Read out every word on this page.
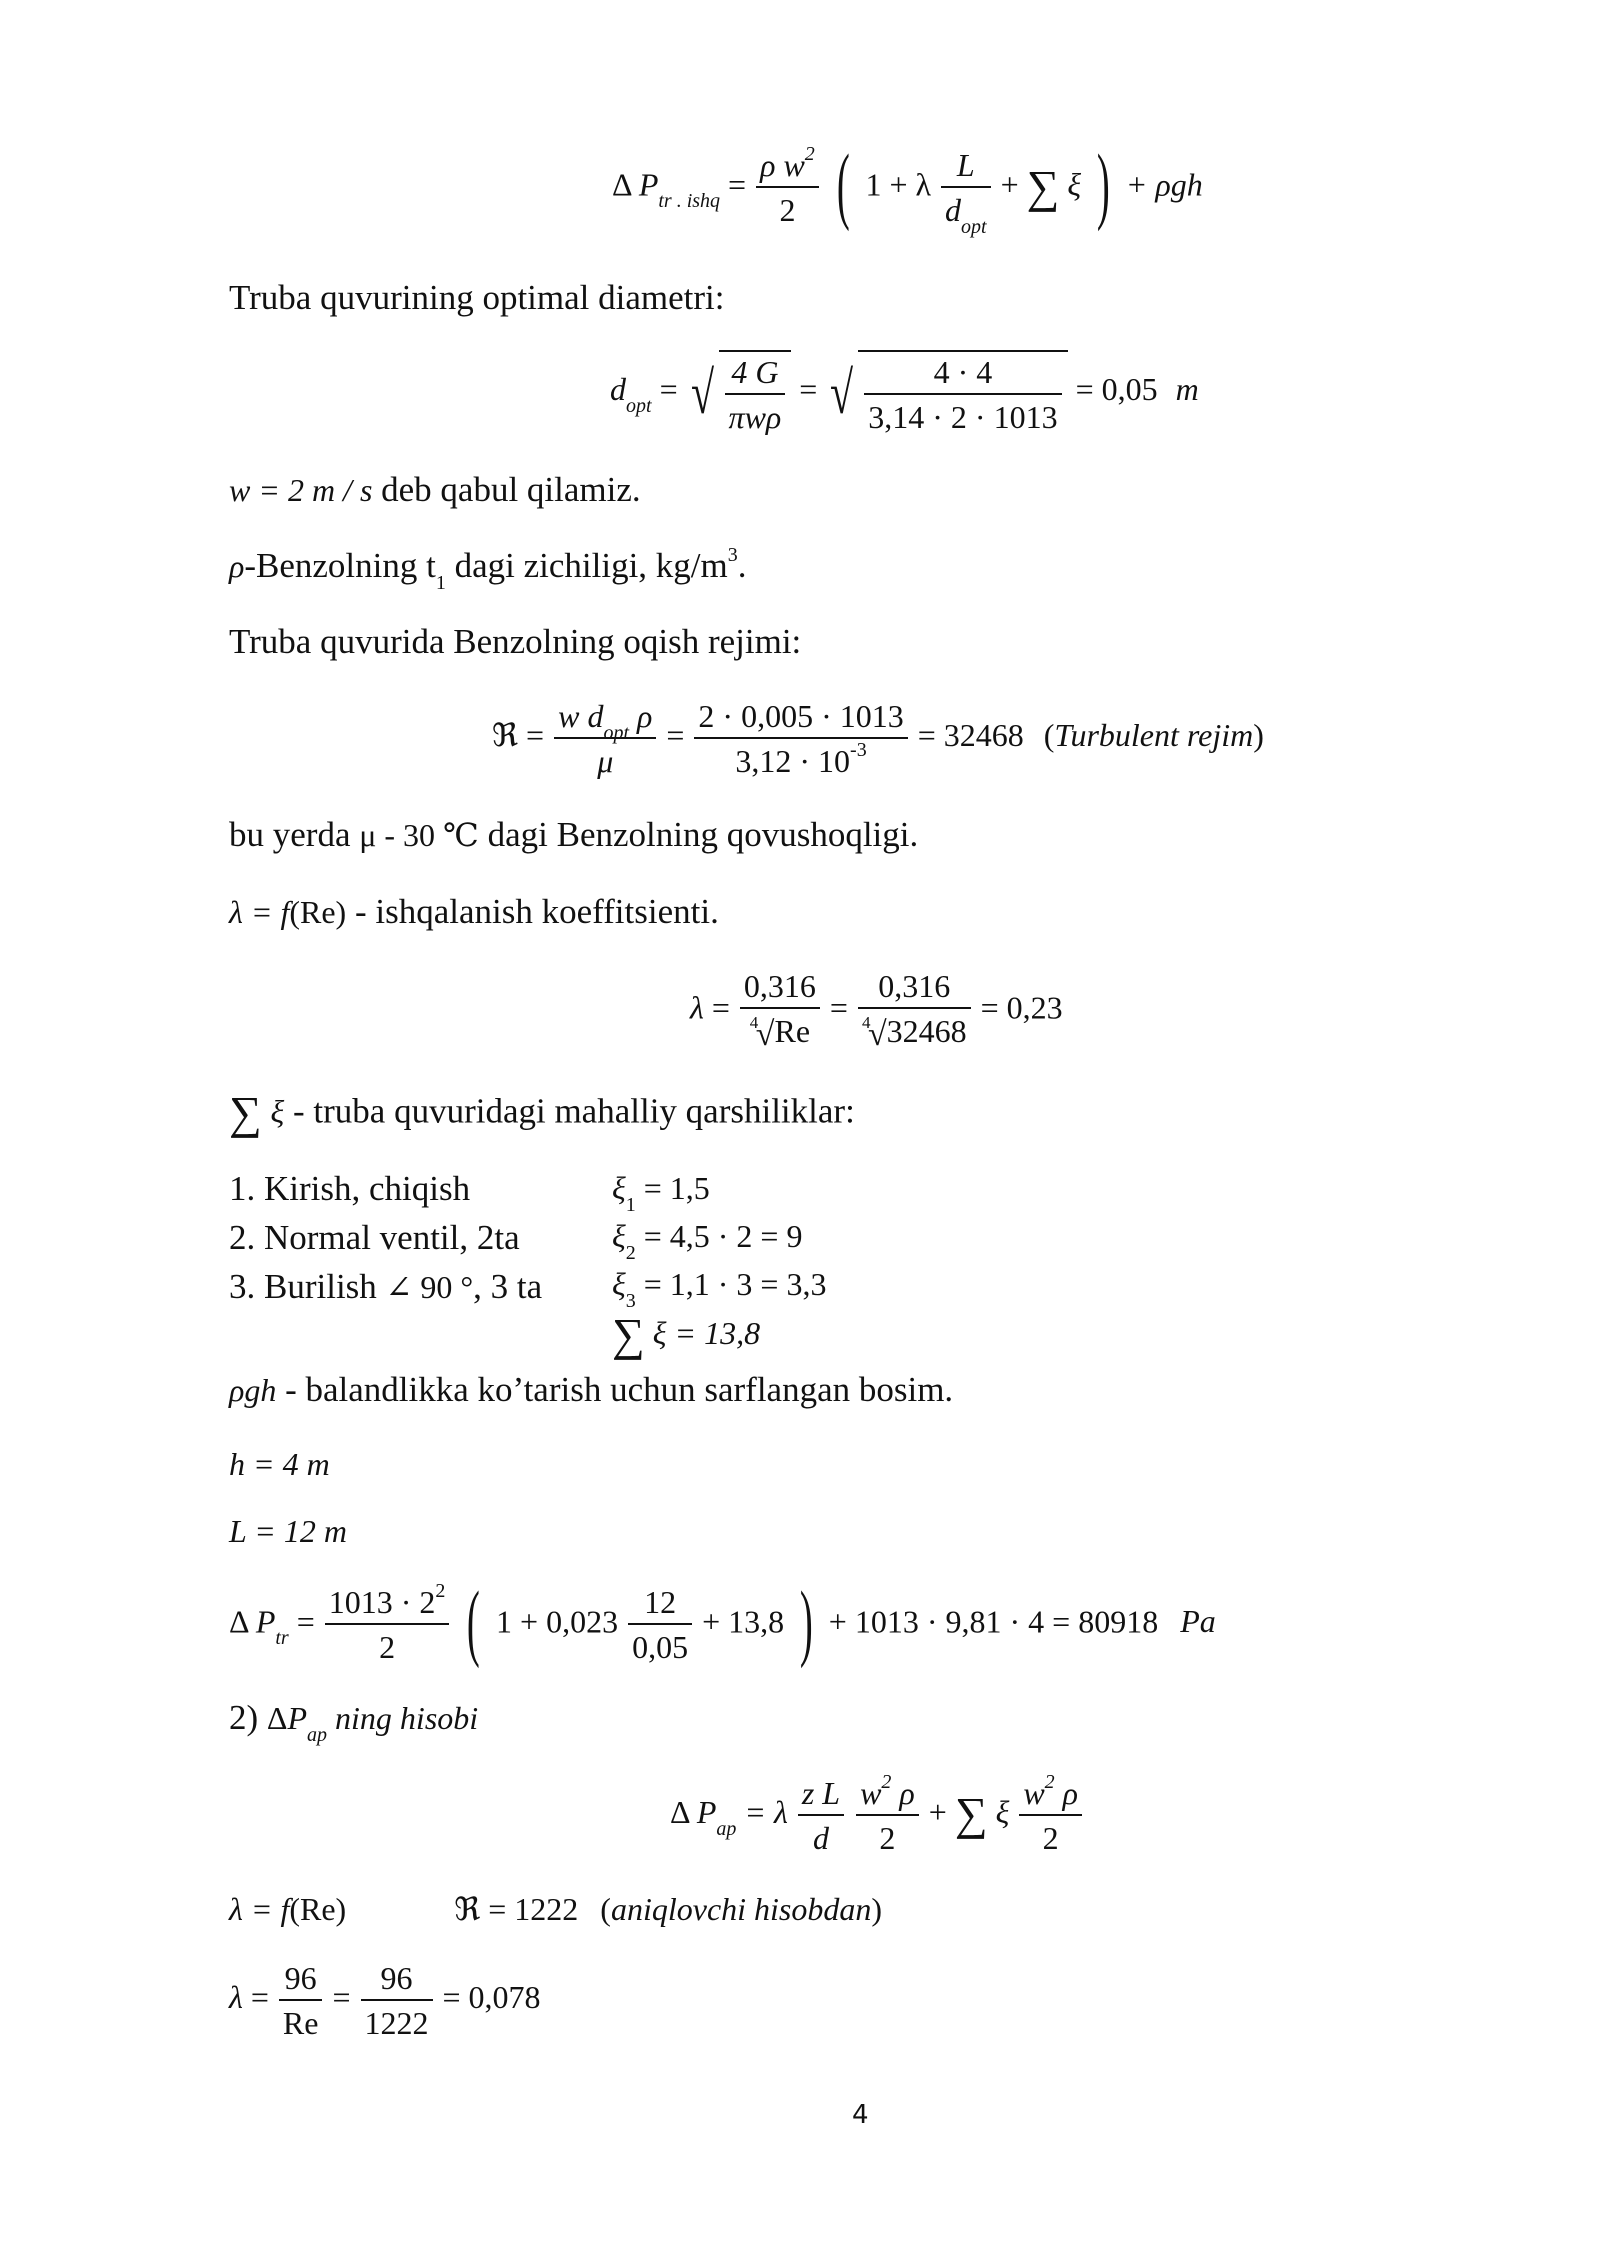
Δ $P_{tr . ishq} = \frac{\rho w^2}{2}$ ( 1 + λ $\frac{L}{d_{opt}}$ + ∑ ξ ) + ρgh
Truba quvurining optimal diametri:
$d_{opt}$ = √ $\frac{4 G}{\text{πwρ}}$ = √ $\frac{4 \cdot 4}{3,14 \cdot 2 \cdot 1013} = 0,05$ m
w = 2 m / s deb qabul qilamiz.
ρ-Benzolning $t_1$ dagi zichiligi, $kg/m^3$.
Truba quvurida Benzolning oqish rejimi:
ℜ = $\frac{w d_{opt} \rho}{\mu} = \frac{2 \cdot 0,005 \cdot 1013}{3,12 \cdot 10^{-3}} = 32468$ (Turbulent rejim)
bu yerda μ - 30 ℃ dagi Benzolning qovushoqligi.
λ = f(Re) - ishqalanish koeffitsienti.
λ = 0,316
4
√Re = 0,316
4
√32468 = 0,23
∑ ξ - truba quvuridagi mahalliy qarshiliklar:
1. Kirish, chiqish	$\xi_1 = 1,5$
2. Normal ventil, 2ta	$\xi_2 = 4,5 \cdot 2 = 9$
3. Burilish ∠ 90 °, 3 ta $\xi_3 = 1,1 \cdot 3 = 3,3$
∑ ξ = 13,8
ρgh - balandlikka ko’tarish uchun sarflangan bosim.
h = 4 m
L = 12 m
Δ $P_{tr} = \frac{1013 \cdot 2^2}{2}$ ( $1 + 0,023 \frac{12}{0,05} + 13,8$ ) + 1013 · 9,81 · 4 = 80918 Pa
2) $\Delta P_{ap}$ ning hisobi
Δ $P_{ap} = \lambda \frac{\text{z L}}{d}$
$\frac{w^2 \rho}{2}$ + ∑ ξ $\frac{w^2 \rho}{2}$
λ = f(Re)	ℜ = 1222 (aniqlovchi hisobdan)
$\lambda = \frac{96}{Re} = \frac{96}{1222} = 0,078$
4
